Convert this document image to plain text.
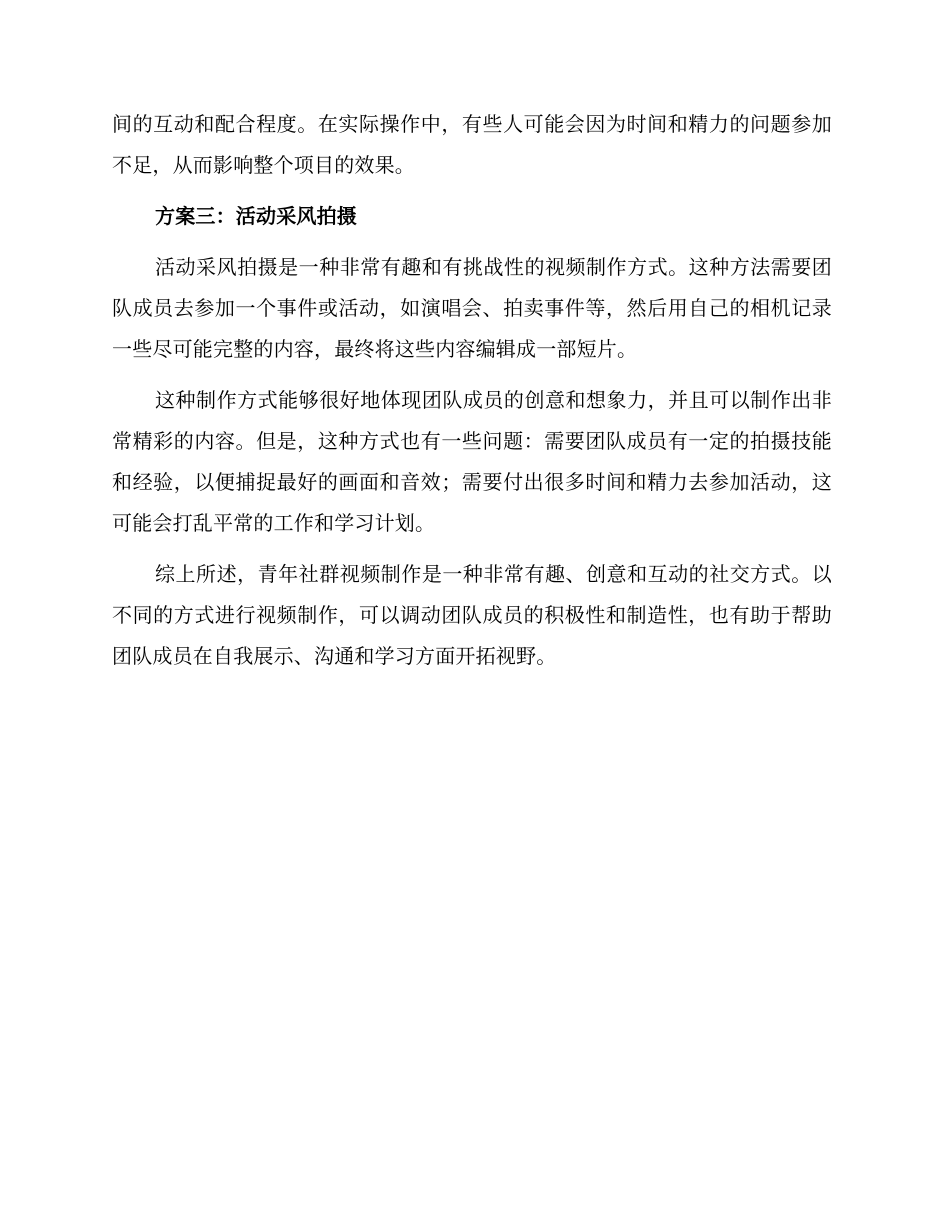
间的互动和配合程度。在实际操作中，有些人可能会因为时间和精力的问题参加不足，从而影响整个项目的效果。

方案三：活动采风拍摄

活动采风拍摄是一种非常有趣和有挑战性的视频制作方式。这种方法需要团队成员去参加一个事件或活动，如演唱会、拍卖事件等，然后用自己的相机记录一些尽可能完整的内容，最终将这些内容编辑成一部短片。

这种制作方式能够很好地体现团队成员的创意和想象力，并且可以制作出非常精彩的内容。但是，这种方式也有一些问题：需要团队成员有一定的拍摄技能和经验，以便捕捉最好的画面和音效；需要付出很多时间和精力去参加活动，这可能会打乱平常的工作和学习计划。

综上所述，青年社群视频制作是一种非常有趣、创意和互动的社交方式。以不同的方式进行视频制作，可以调动团队成员的积极性和制造性，也有助于帮助团队成员在自我展示、沟通和学习方面开拓视野。
